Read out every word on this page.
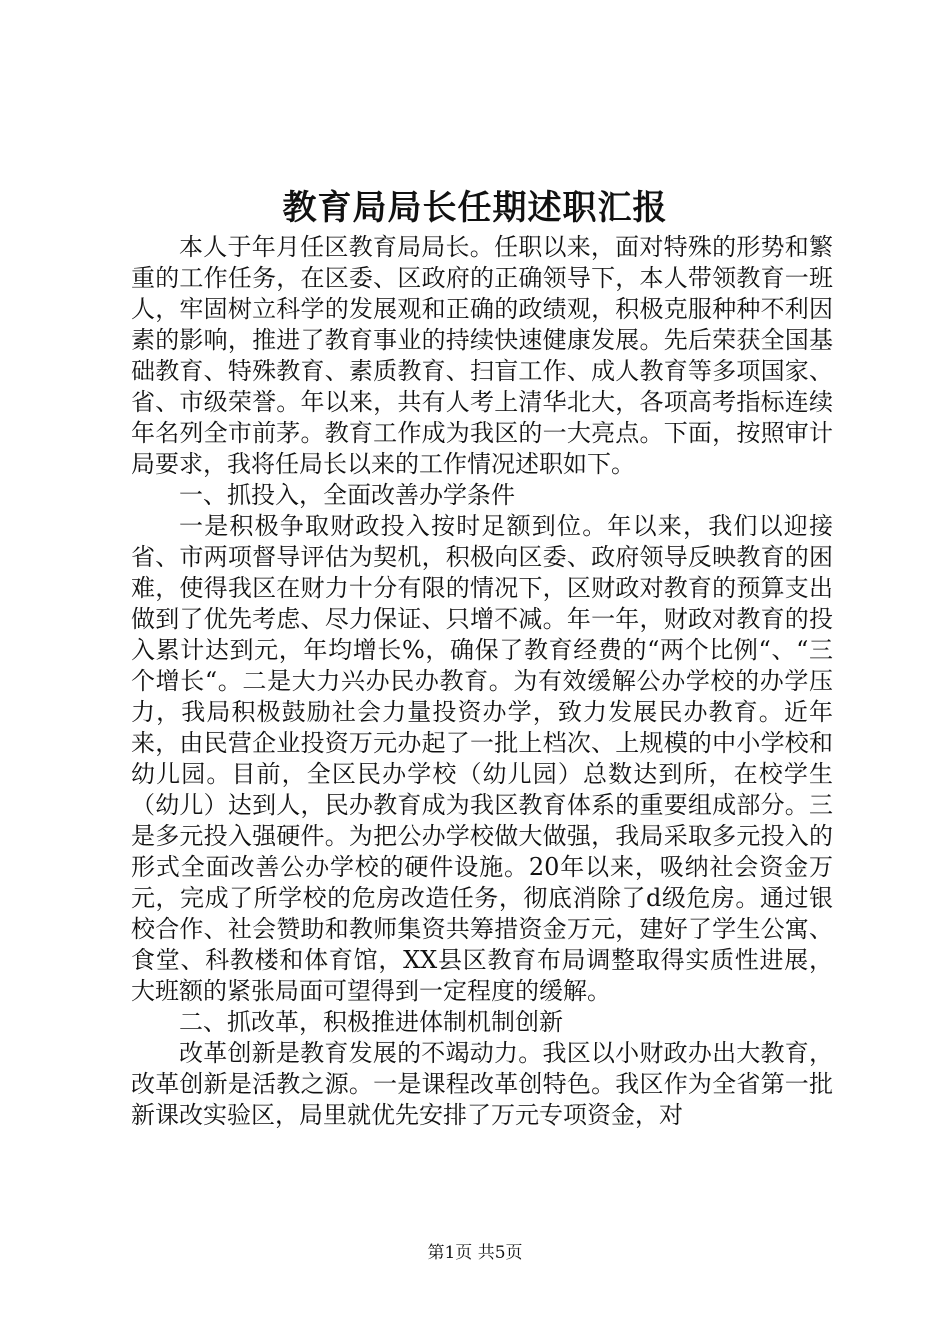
教育局局长任期述职汇报

本人于年月任区教育局局长。任职以来，面对特殊的形势和繁重的工作任务，在区委、区政府的正确领导下，本人带领教育一班人，牢固树立科学的发展观和正确的政绩观，积极克服种种不利因素的影响，推进了教育事业的持续快速健康发展。先后荣获全国基础教育、特殊教育、素质教育、扫盲工作、成人教育等多项国家、省、市级荣誉。年以来，共有人考上清华北大，各项高考指标连续年名列全市前茅。教育工作成为我区的一大亮点。下面，按照审计局要求，我将任局长以来的工作情况述职如下。

一、抓投入，全面改善办学条件

一是积极争取财政投入按时足额到位。年以来，我们以迎接省、市两项督导评估为契机，积极向区委、政府领导反映教育的困难，使得我区在财力十分有限的情况下，区财政对教育的预算支出做到了优先考虑、尽力保证、只增不减。年一年，财政对教育的投入累计达到元，年均增长%，确保了教育经费的“两个比例“、“三个增长“。二是大力兴办民办教育。为有效缓解公办学校的办学压力，我局积极鼓励社会力量投资办学，致力发展民办教育。近年来，由民营企业投资万元办起了一批上档次、上规模的中小学校和幼儿园。目前，全区民办学校（幼儿园）总数达到所，在校学生（幼儿）达到人，民办教育成为我区教育体系的重要组成部分。三是多元投入强硬件。为把公办学校做大做强，我局采取多元投入的形式全面改善公办学校的硬件设施。20年以来，吸纳社会资金万元，完成了所学校的危房改造任务，彻底消除了d级危房。通过银校合作、社会赞助和教师集资共筹措资金万元，建好了学生公寓、食堂、科教楼和体育馆，XX县区教育布局调整取得实质性进展，大班额的紧张局面可望得到一定程度的缓解。

二、抓改革，积极推进体制机制创新

改革创新是教育发展的不竭动力。我区以小财政办出大教育，改革创新是活教之源。一是课程改革创特色。我区作为全省第一批新课改实验区，局里就优先安排了万元专项资金，对

第1页 共5页
